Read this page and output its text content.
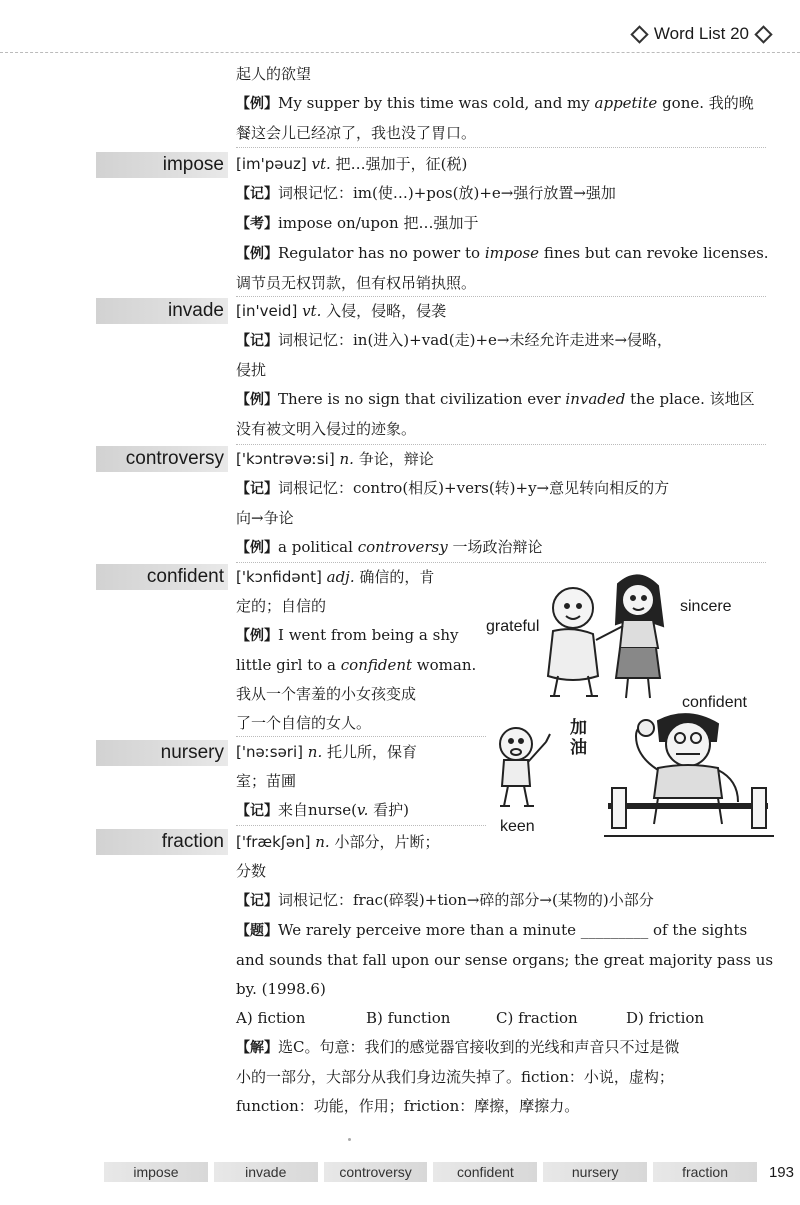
Word List 20
起人的欲望
【例】My supper by this time was cold, and my appetite gone. 我的晚
餐这会儿已经凉了，我也没了胃口。
impose [im'pəuz] vt. 把…强加于，征(税)
【记】词根记忆：im(使…)+pos(放)+e→强行放置→强加
【考】impose on/upon 把…强加于
【例】Regulator has no power to impose fines but can revoke licenses.
调节员无权罚款，但有权吊销执照。
invade [in'veid] vt. 入侵，侵略，侵袭
【记】词根记忆：in(进入)+vad(走)+e→未经允许走进来→侵略，
侵扰
【例】There is no sign that civilization ever invaded the place. 该地区
没有被文明入侵过的迹象。
controversy ['kɔntrəvəːsi] n. 争论，辩论
【记】词根记忆：contro(相反)+vers(转)+y→意见转向相反的方
向→争论
【例】a political controversy 一场政治辩论
confident ['kɔnfidənt] adj. 确信的，肯
定的；自信的
【例】I went from being a shy
little girl to a confident woman.
我从一个害羞的小女孩变成
了一个自信的女人。
nursery ['nəːsəri] n. 托儿所，保育
室；苗圃
【记】来自nurse(v. 看护)
fraction ['frækʃən] n. 小部分，片断；
分数
【记】词根记忆：frac(碎裂)+tion→碎的部分→(某物的)小部分
【题】We rarely perceive more than a minute _________ of the sights
and sounds that fall upon our sense organs; the great majority pass us
by. (1998.6)
A) fiction	B) function	C) fraction	D) friction
【解】选C。句意：我们的感觉器官接收到的光线和声音只不过是微
小的一部分，大部分从我们身边流失掉了。fiction：小说，虚构；
function：功能，作用；friction：摩擦，摩擦力。
grateful
sincere
confident
keen
加油
impose	invade	controversy	confident	nursery	fraction	193
